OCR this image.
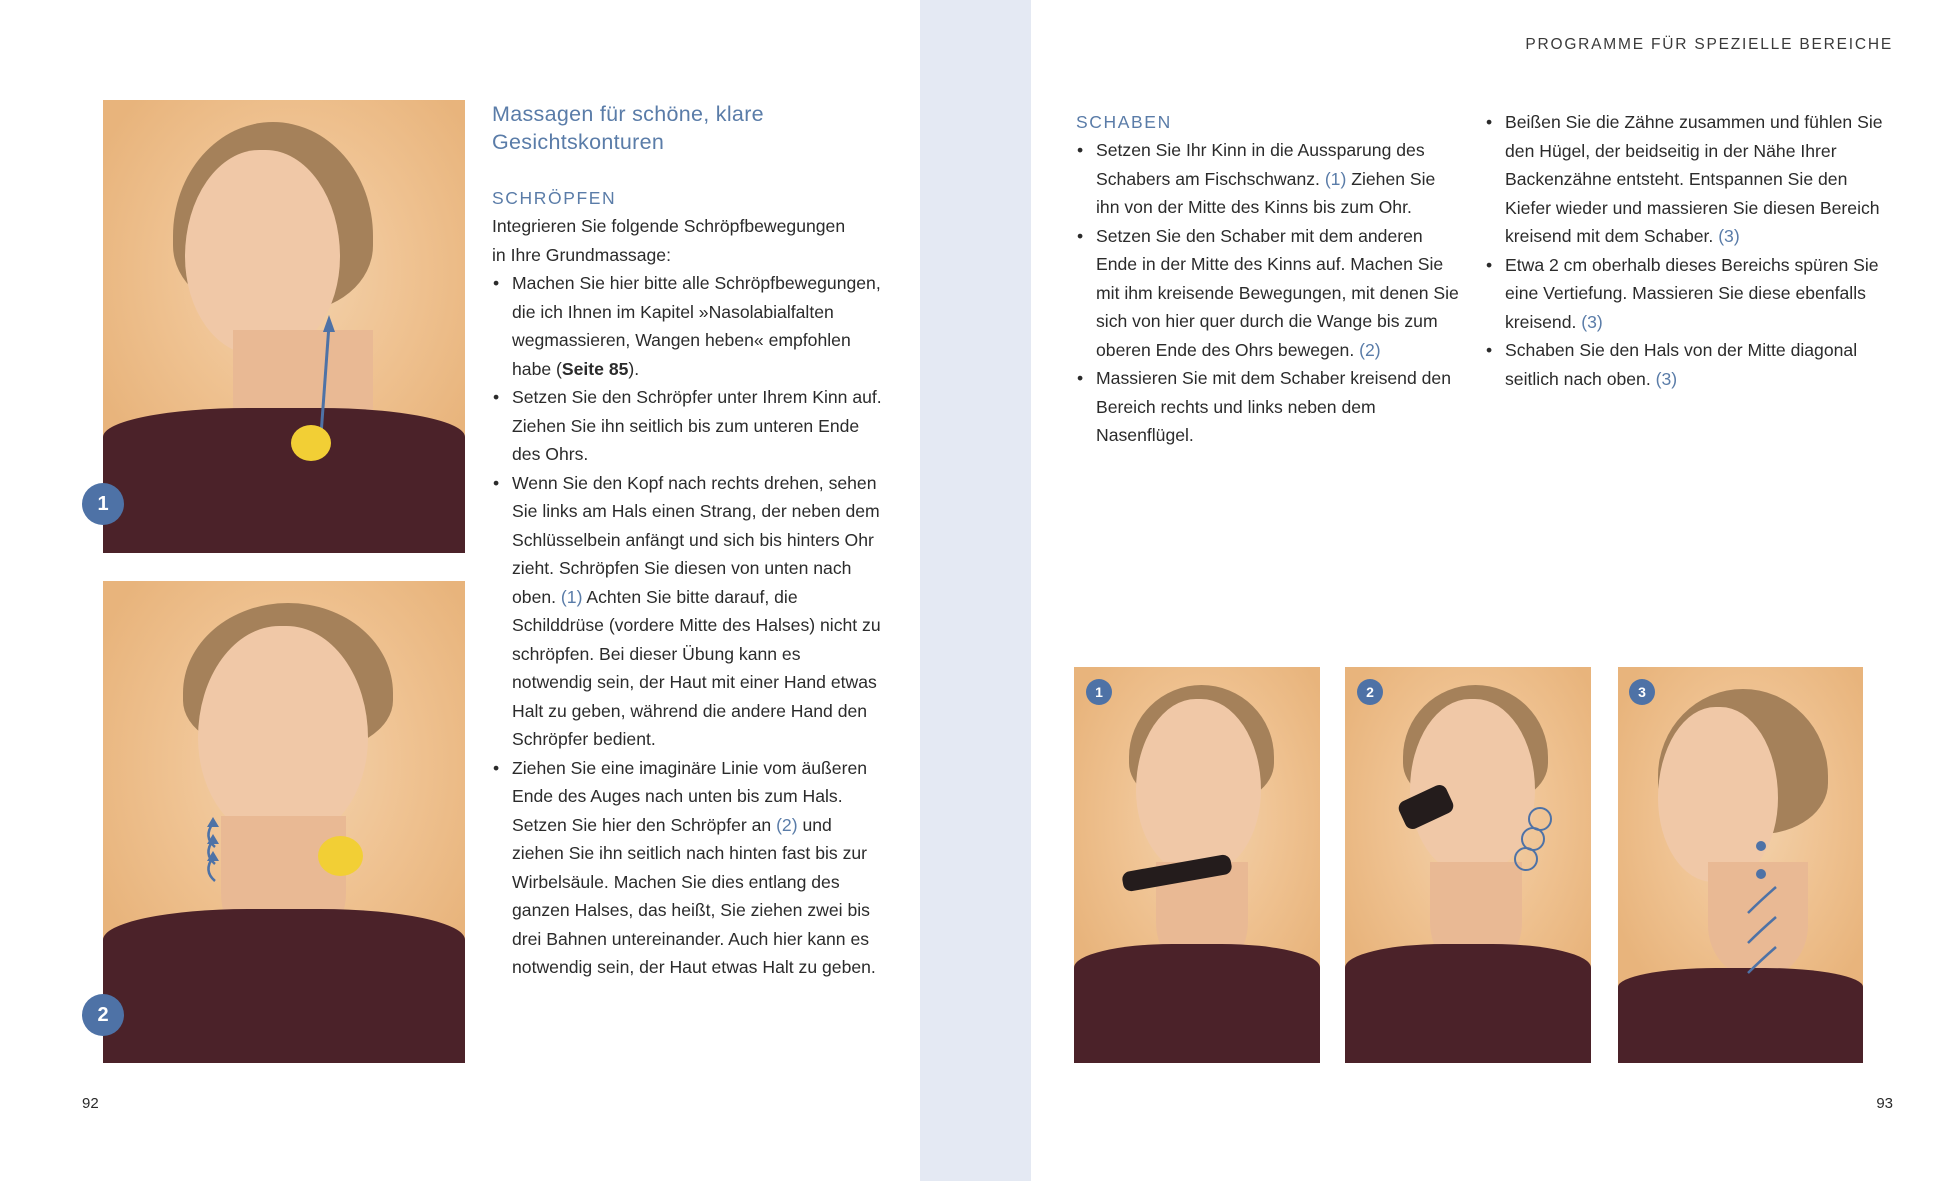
1
2
Massagen für schöne, klare
Gesichtskonturen
SCHRÖPFEN
Integrieren Sie folgende Schröpfbewegungen
in Ihre Grundmassage:
• Machen Sie hier bitte alle Schröpfbewegungen, die ich Ihnen im Kapitel »Nasolabialfalten wegmassieren, Wangen heben« empfohlen habe (Seite 85).
• Setzen Sie den Schröpfer unter Ihrem Kinn auf. Ziehen Sie ihn seitlich bis zum unteren Ende des Ohrs.
• Wenn Sie den Kopf nach rechts drehen, sehen Sie links am Hals einen Strang, der neben dem Schlüsselbein anfängt und sich bis hinters Ohr zieht. Schröpfen Sie diesen von unten nach oben. (1) Achten Sie bitte darauf, die Schilddrüse (vordere Mitte des Halses) nicht zu schröpfen. Bei dieser Übung kann es notwendig sein, der Haut mit einer Hand etwas Halt zu geben, während die andere Hand den Schröpfer bedient.
• Ziehen Sie eine imaginäre Linie vom äußeren Ende des Auges nach unten bis zum Hals. Setzen Sie hier den Schröpfer an (2) und ziehen Sie ihn seitlich nach hinten fast bis zur Wirbelsäule. Machen Sie dies entlang des ganzen Halses, das heißt, Sie ziehen zwei bis drei Bahnen untereinander. Auch hier kann es notwendig sein, der Haut etwas Halt zu geben.
92
PROGRAMME FÜR SPEZIELLE BEREICHE
SCHABEN
• Setzen Sie Ihr Kinn in die Aussparung des Schabers am Fischschwanz. (1) Ziehen Sie ihn von der Mitte des Kinns bis zum Ohr.
• Setzen Sie den Schaber mit dem anderen Ende in der Mitte des Kinns auf. Machen Sie mit ihm kreisende Bewegungen, mit denen Sie sich von hier quer durch die Wange bis zum oberen Ende des Ohrs bewegen. (2)
• Massieren Sie mit dem Schaber kreisend den Bereich rechts und links neben dem Nasenflügel.
• Beißen Sie die Zähne zusammen und fühlen Sie den Hügel, der beidseitig in der Nähe Ihrer Backenzähne entsteht. Entspannen Sie den Kiefer wieder und massieren Sie diesen Bereich kreisend mit dem Schaber. (3)
• Etwa 2 cm oberhalb dieses Bereichs spüren Sie eine Vertiefung. Massieren Sie diese ebenfalls kreisend. (3)
• Schaben Sie den Hals von der Mitte diagonal seitlich nach oben. (3)
1	2	3
93
